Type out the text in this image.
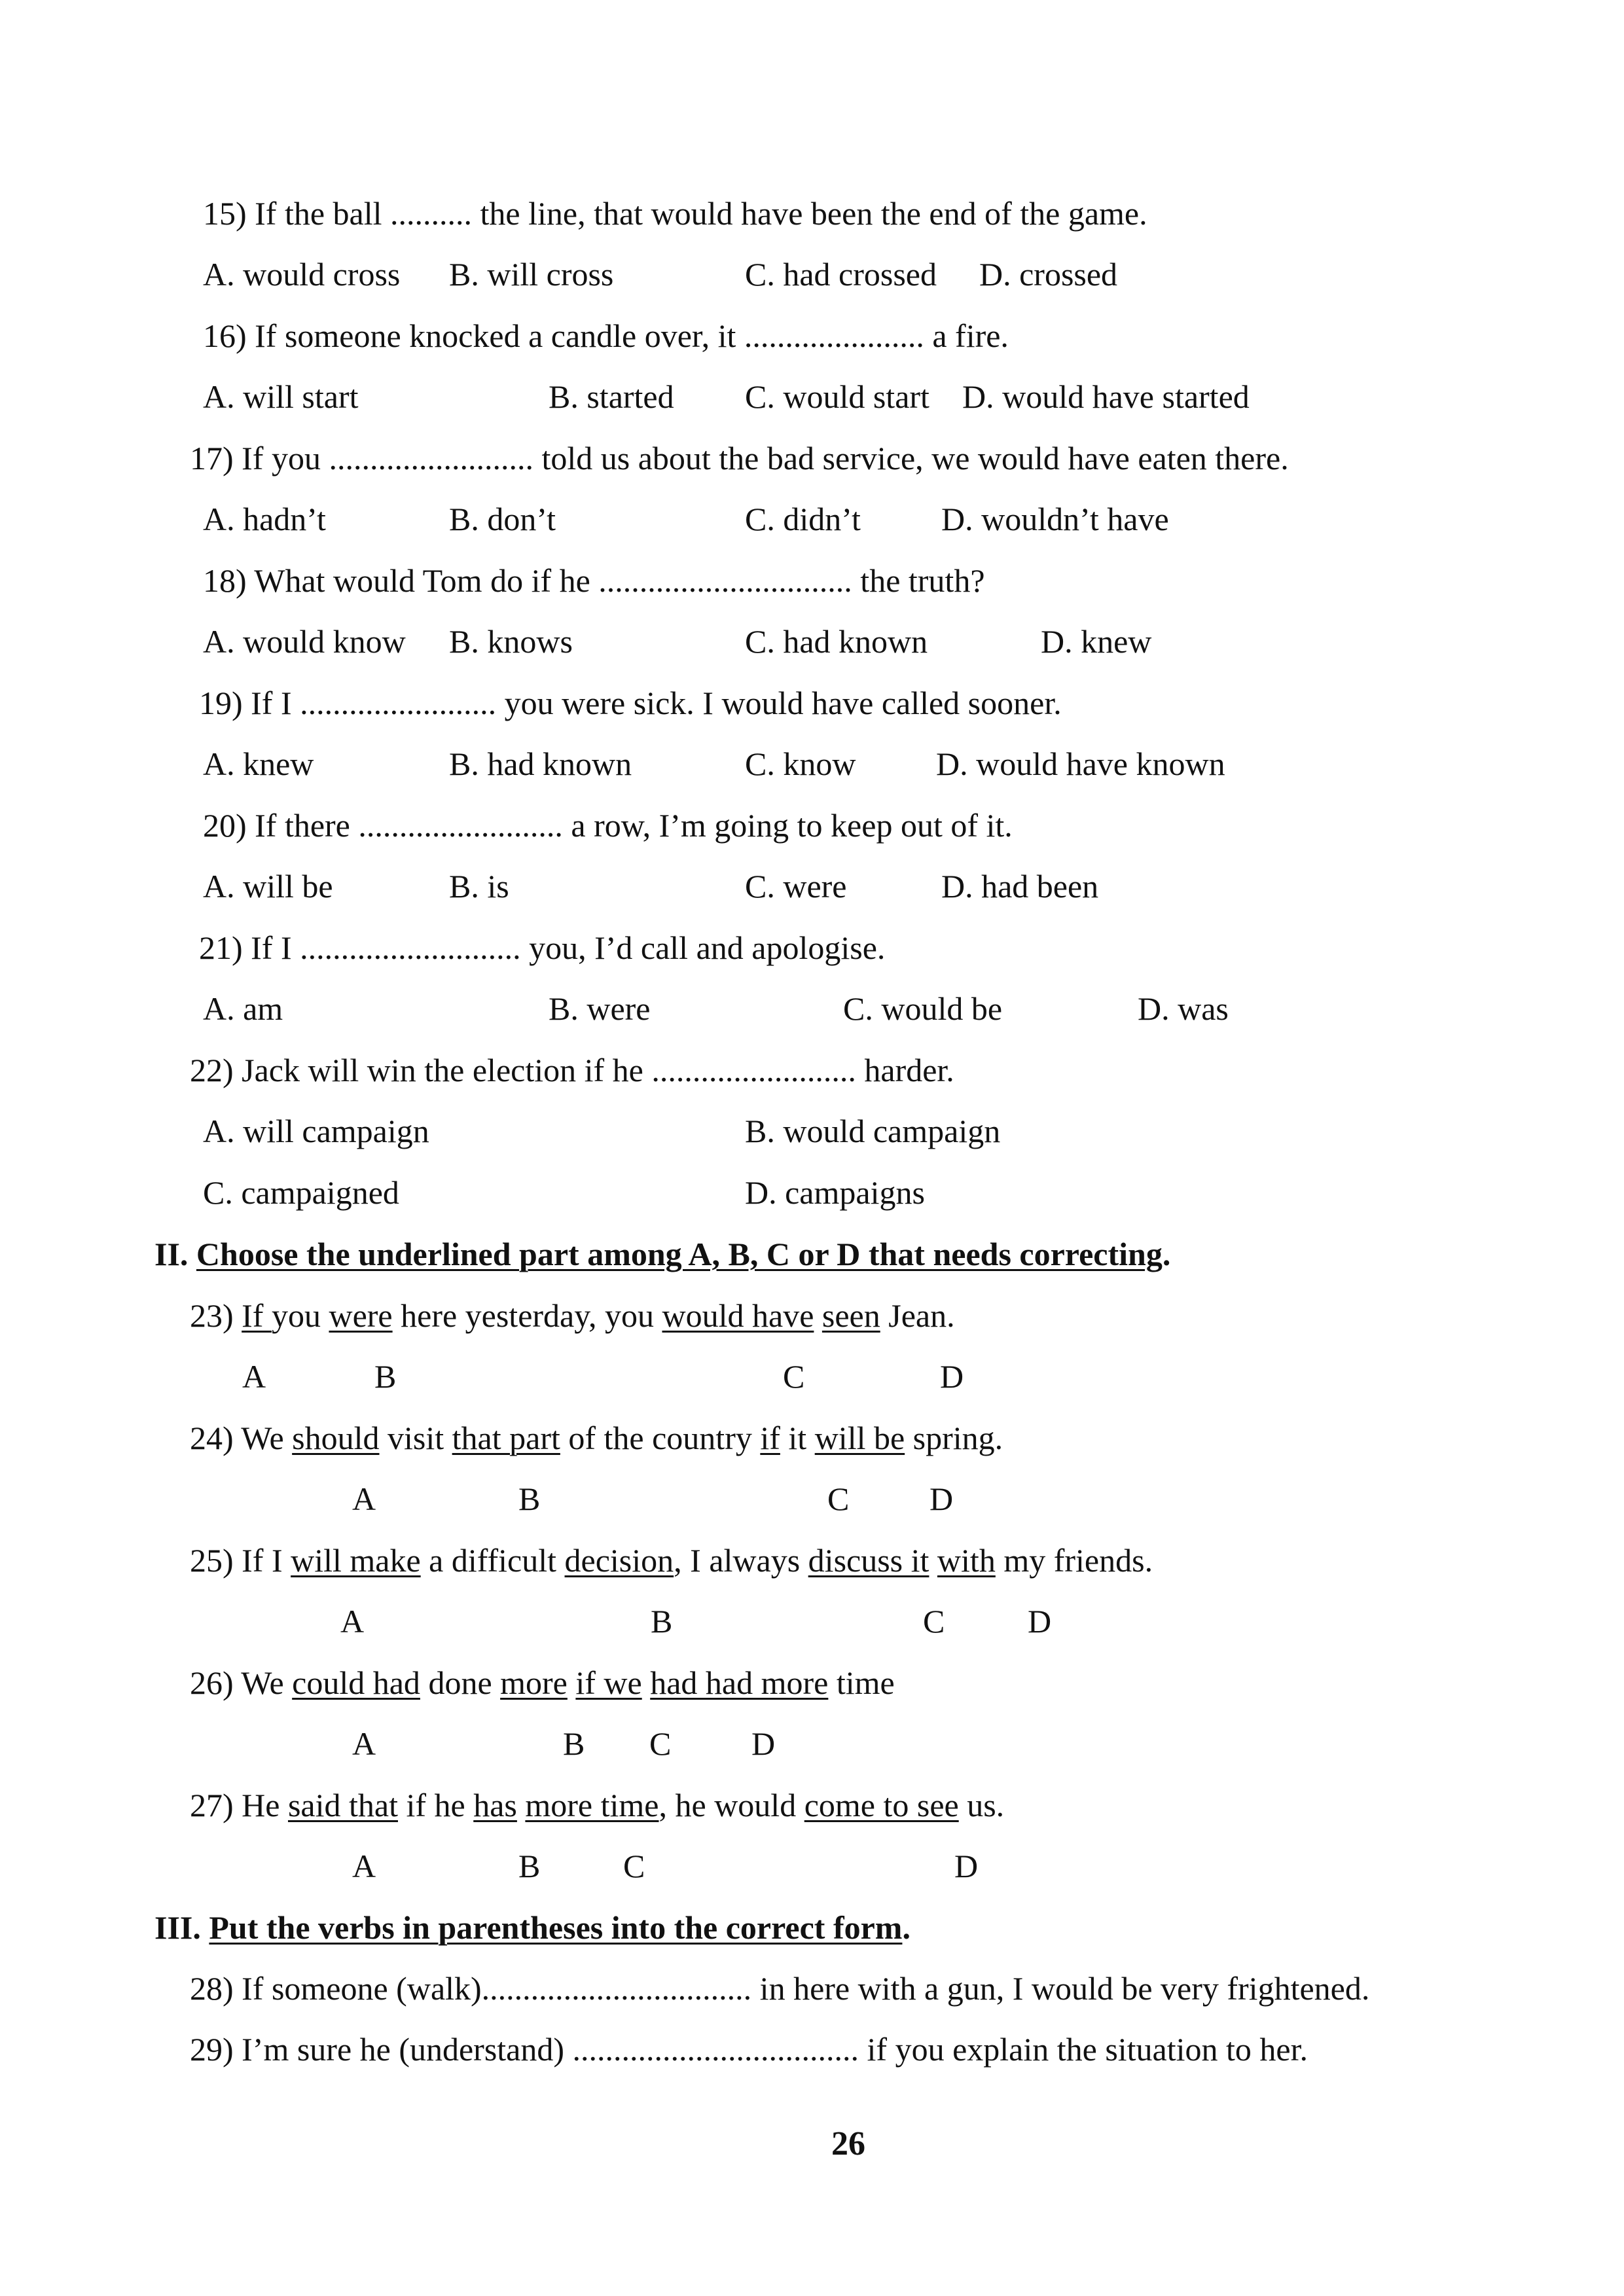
15) If the ball .......... the line, that would have been the end of the game.
A. would cross B. will cross	C. had crossed D. crossed
16) If someone knocked a candle over, it ...................... a fire.
A. will start	B. started C. would start D. would have started
17) If you ......................... told us about the bad service, we would have eaten there.
A. hadn’t	B. don’t	C. didn’t D. wouldn’t have
18) What would Tom do if he ............................... the truth?
A. would know B. knows	C. had known	D. knew
19) If I ........................ you were sick. I would have called sooner.
A. knew	B. had known	C. know D. would have known
20) If there ......................... a row, I’m going to keep out of it.
A. will be	B. is	C. were	D. had been
21) If I ........................... you, I’d call and apologise.
A. am	B. were	C. would be	D. was
22) Jack will win the election if he ......................... harder.
A. will campaign	B. would campaign
C. campaigned	D. campaigns
II. Choose the underlined part among A, B, C or D that needs correcting.
23) If you were here yesterday, you would have seen Jean.
A	B	C	D
24) We should visit that part of the country if it will be spring.
A	B	C D
25) If I will make a difficult decision, I always discuss it with my friends.
A	B	C	D
26) We could had done more if we had had more time
A	B C D
27) He said that if he has more time, he would come to see us.
A	B	C	D
III. Put the verbs in parentheses into the correct form.
28) If someone (walk)................................. in here with a gun, I would be very frightened.
29) I’m sure he (understand) ................................... if you explain the situation to her.
26
